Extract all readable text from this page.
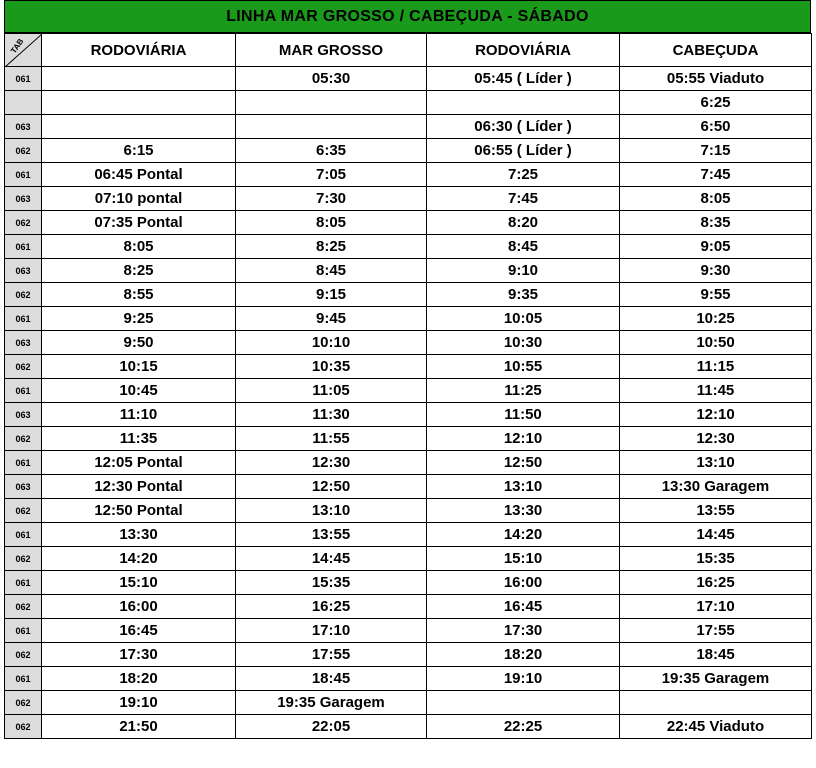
LINHA MAR GROSSO / CABEÇUDA - SÁBADO
TAB	RODOVIÁRIA	MAR GROSSO	RODOVIÁRIA	CABEÇUDA
061		05:30	05:45 ( Líder )	05:55 Viaduto
				6:25
063			06:30 ( Líder )	6:50
062	6:15	6:35	06:55 ( Líder )	7:15
061	06:45 Pontal	7:05	7:25	7:45
063	07:10 pontal	7:30	7:45	8:05
062	07:35 Pontal	8:05	8:20	8:35
061	8:05	8:25	8:45	9:05
063	8:25	8:45	9:10	9:30
062	8:55	9:15	9:35	9:55
061	9:25	9:45	10:05	10:25
063	9:50	10:10	10:30	10:50
062	10:15	10:35	10:55	11:15
061	10:45	11:05	11:25	11:45
063	11:10	11:30	11:50	12:10
062	11:35	11:55	12:10	12:30
061	12:05 Pontal	12:30	12:50	13:10
063	12:30 Pontal	12:50	13:10	13:30 Garagem
062	12:50 Pontal	13:10	13:30	13:55
061	13:30	13:55	14:20	14:45
062	14:20	14:45	15:10	15:35
061	15:10	15:35	16:00	16:25
062	16:00	16:25	16:45	17:10
061	16:45	17:10	17:30	17:55
062	17:30	17:55	18:20	18:45
061	18:20	18:45	19:10	19:35 Garagem
062	19:10	19:35 Garagem		
062	21:50	22:05	22:25	22:45 Viaduto
